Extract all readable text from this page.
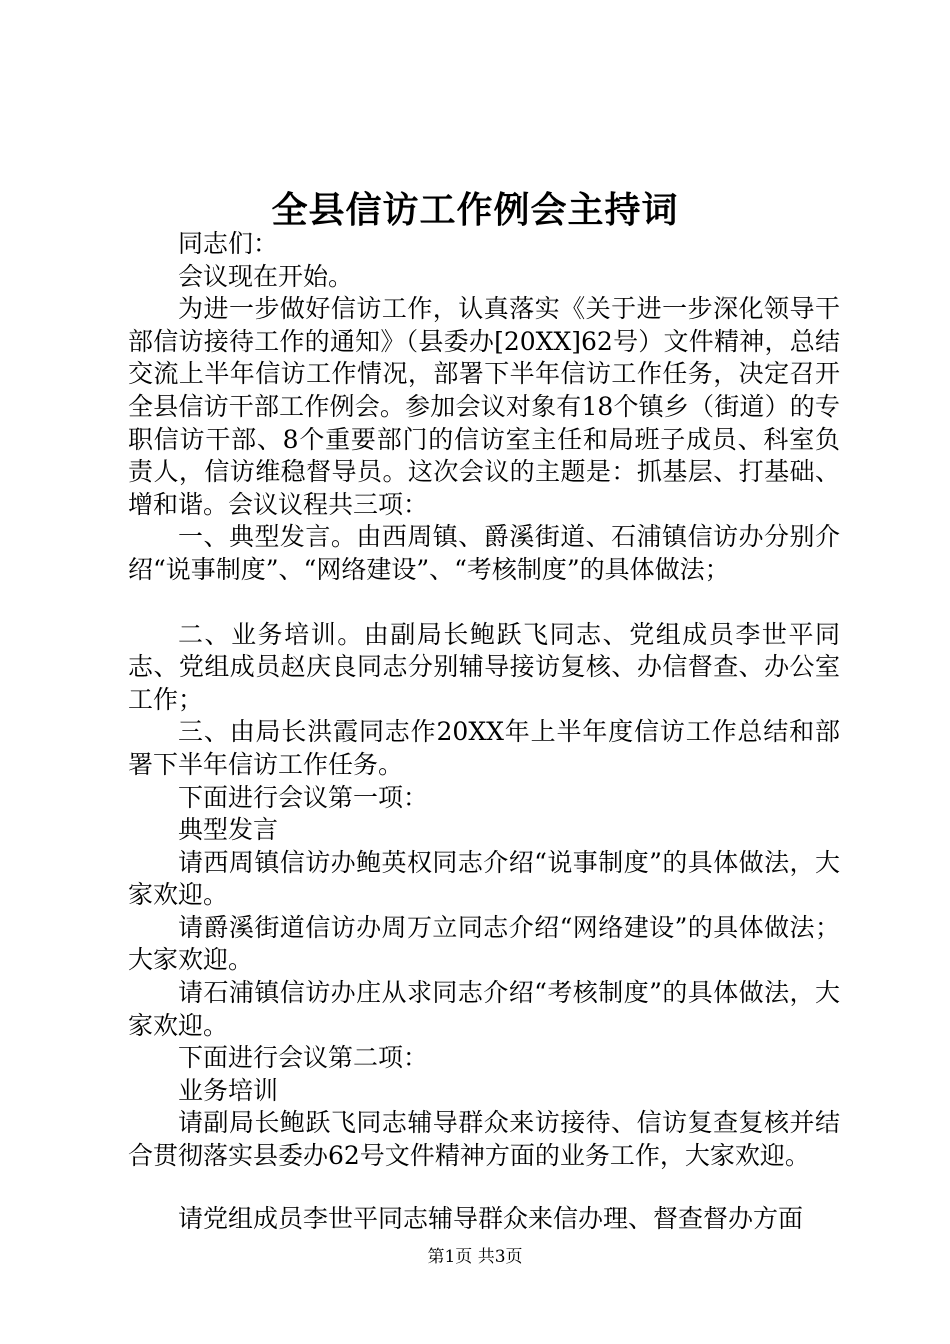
全县信访工作例会主持词

同志们：

会议现在开始。

为进一步做好信访工作，认真落实《关于进一步深化领导干部信访接待工作的通知》（县委办[20XX]62号）文件精神，总结交流上半年信访工作情况，部署下半年信访工作任务，决定召开全县信访干部工作例会。参加会议对象有18个镇乡（街道）的专职信访干部、8个重要部门的信访室主任和局班子成员、科室负责人，信访维稳督导员。这次会议的主题是：抓基层、打基础、增和谐。会议议程共三项：

一、典型发言。由西周镇、爵溪街道、石浦镇信访办分别介绍“说事制度”、“网络建设”、“考核制度”的具体做法；

二、业务培训。由副局长鲍跃飞同志、党组成员李世平同志、党组成员赵庆良同志分别辅导接访复核、办信督查、办公室工作；

三、由局长洪霞同志作20XX年上半年度信访工作总结和部署下半年信访工作任务。

下面进行会议第一项：

典型发言

请西周镇信访办鲍英权同志介绍“说事制度”的具体做法，大家欢迎。

请爵溪街道信访办周万立同志介绍“网络建设”的具体做法；大家欢迎。

请石浦镇信访办庄从求同志介绍“考核制度”的具体做法，大家欢迎。

下面进行会议第二项：

业务培训

请副局长鲍跃飞同志辅导群众来访接待、信访复查复核并结合贯彻落实县委办62号文件精神方面的业务工作，大家欢迎。

请党组成员李世平同志辅导群众来信办理、督查督办方面

第1页 共3页
